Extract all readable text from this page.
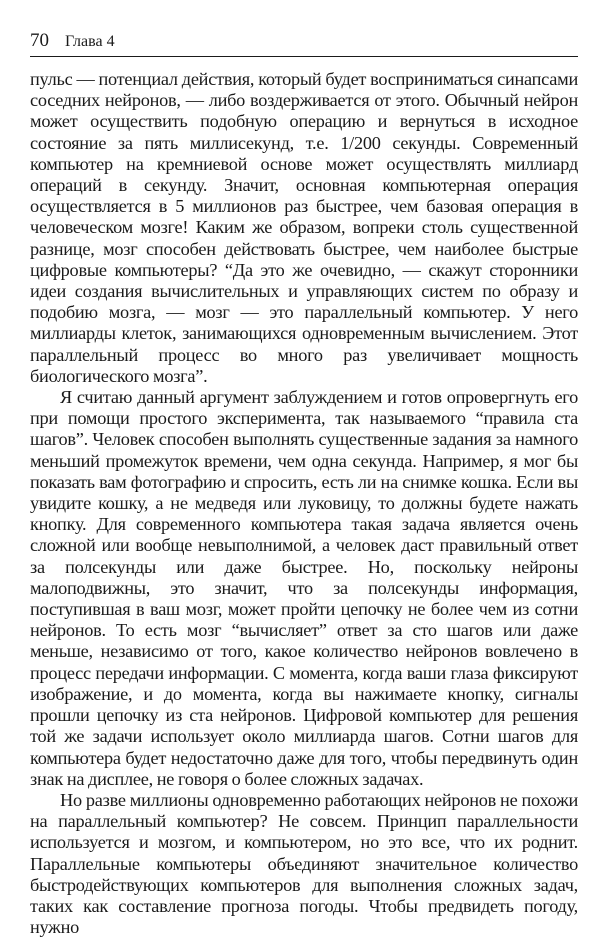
70 Глава 4

пульс — потенциал действия, который будет восприниматься синапсами соседних нейронов, — либо воздерживается от этого. Обычный нейрон может осуществить подобную операцию и вернуться в исходное состояние за пять миллисекунд, т.е. 1/200 секунды. Современный компьютер на кремниевой основе может осуществлять миллиард операций в секунду. Значит, основная компьютерная операция осуществляется в 5 миллионов раз быстрее, чем базовая операция в человеческом мозге! Каким же образом, вопреки столь существенной разнице, мозг способен действовать быстрее, чем наиболее быстрые цифровые компьютеры? “Да это же очевидно, — скажут сторонники идеи создания вычислительных и управляющих систем по образу и подобию мозга, — мозг — это параллельный компьютер. У него миллиарды клеток, занимающихся одновременным вычислением. Этот параллельный процесс во много раз увеличивает мощность биологического мозга”.

Я считаю данный аргумент заблуждением и готов опровергнуть его при помощи простого эксперимента, так называемого “правила ста шагов”. Человек способен выполнять существенные задания за намного меньший промежуток времени, чем одна секунда. Например, я мог бы показать вам фотографию и спросить, есть ли на снимке кошка. Если вы увидите кошку, а не медведя или луковицу, то должны будете нажать кнопку. Для современного компьютера такая задача является очень сложной или вообще невыполнимой, а человек даст правильный ответ за полсекунды или даже быстрее. Но, поскольку нейроны малоподвижны, это значит, что за полсекунды информация, поступившая в ваш мозг, может пройти цепочку не более чем из сотни нейронов. То есть мозг “вычисляет” ответ за сто шагов или даже меньше, независимо от того, какое количество нейронов вовлечено в процесс передачи информации. С момента, когда ваши глаза фиксируют изображение, и до момента, когда вы нажимаете кнопку, сигналы прошли цепочку из ста нейронов. Цифровой компьютер для решения той же задачи использует около миллиарда шагов. Сотни шагов для компьютера будет недостаточно даже для того, чтобы передвинуть один знак на дисплее, не говоря о более сложных задачах.

Но разве миллионы одновременно работающих нейронов не похожи на параллельный компьютер? Не совсем. Принцип параллельности используется и мозгом, и компьютером, но это все, что их роднит. Параллельные компьютеры объединяют значительное количество быстродействующих компьютеров для выполнения сложных задач, таких как составление прогноза погоды. Чтобы предвидеть погоду, нужно
